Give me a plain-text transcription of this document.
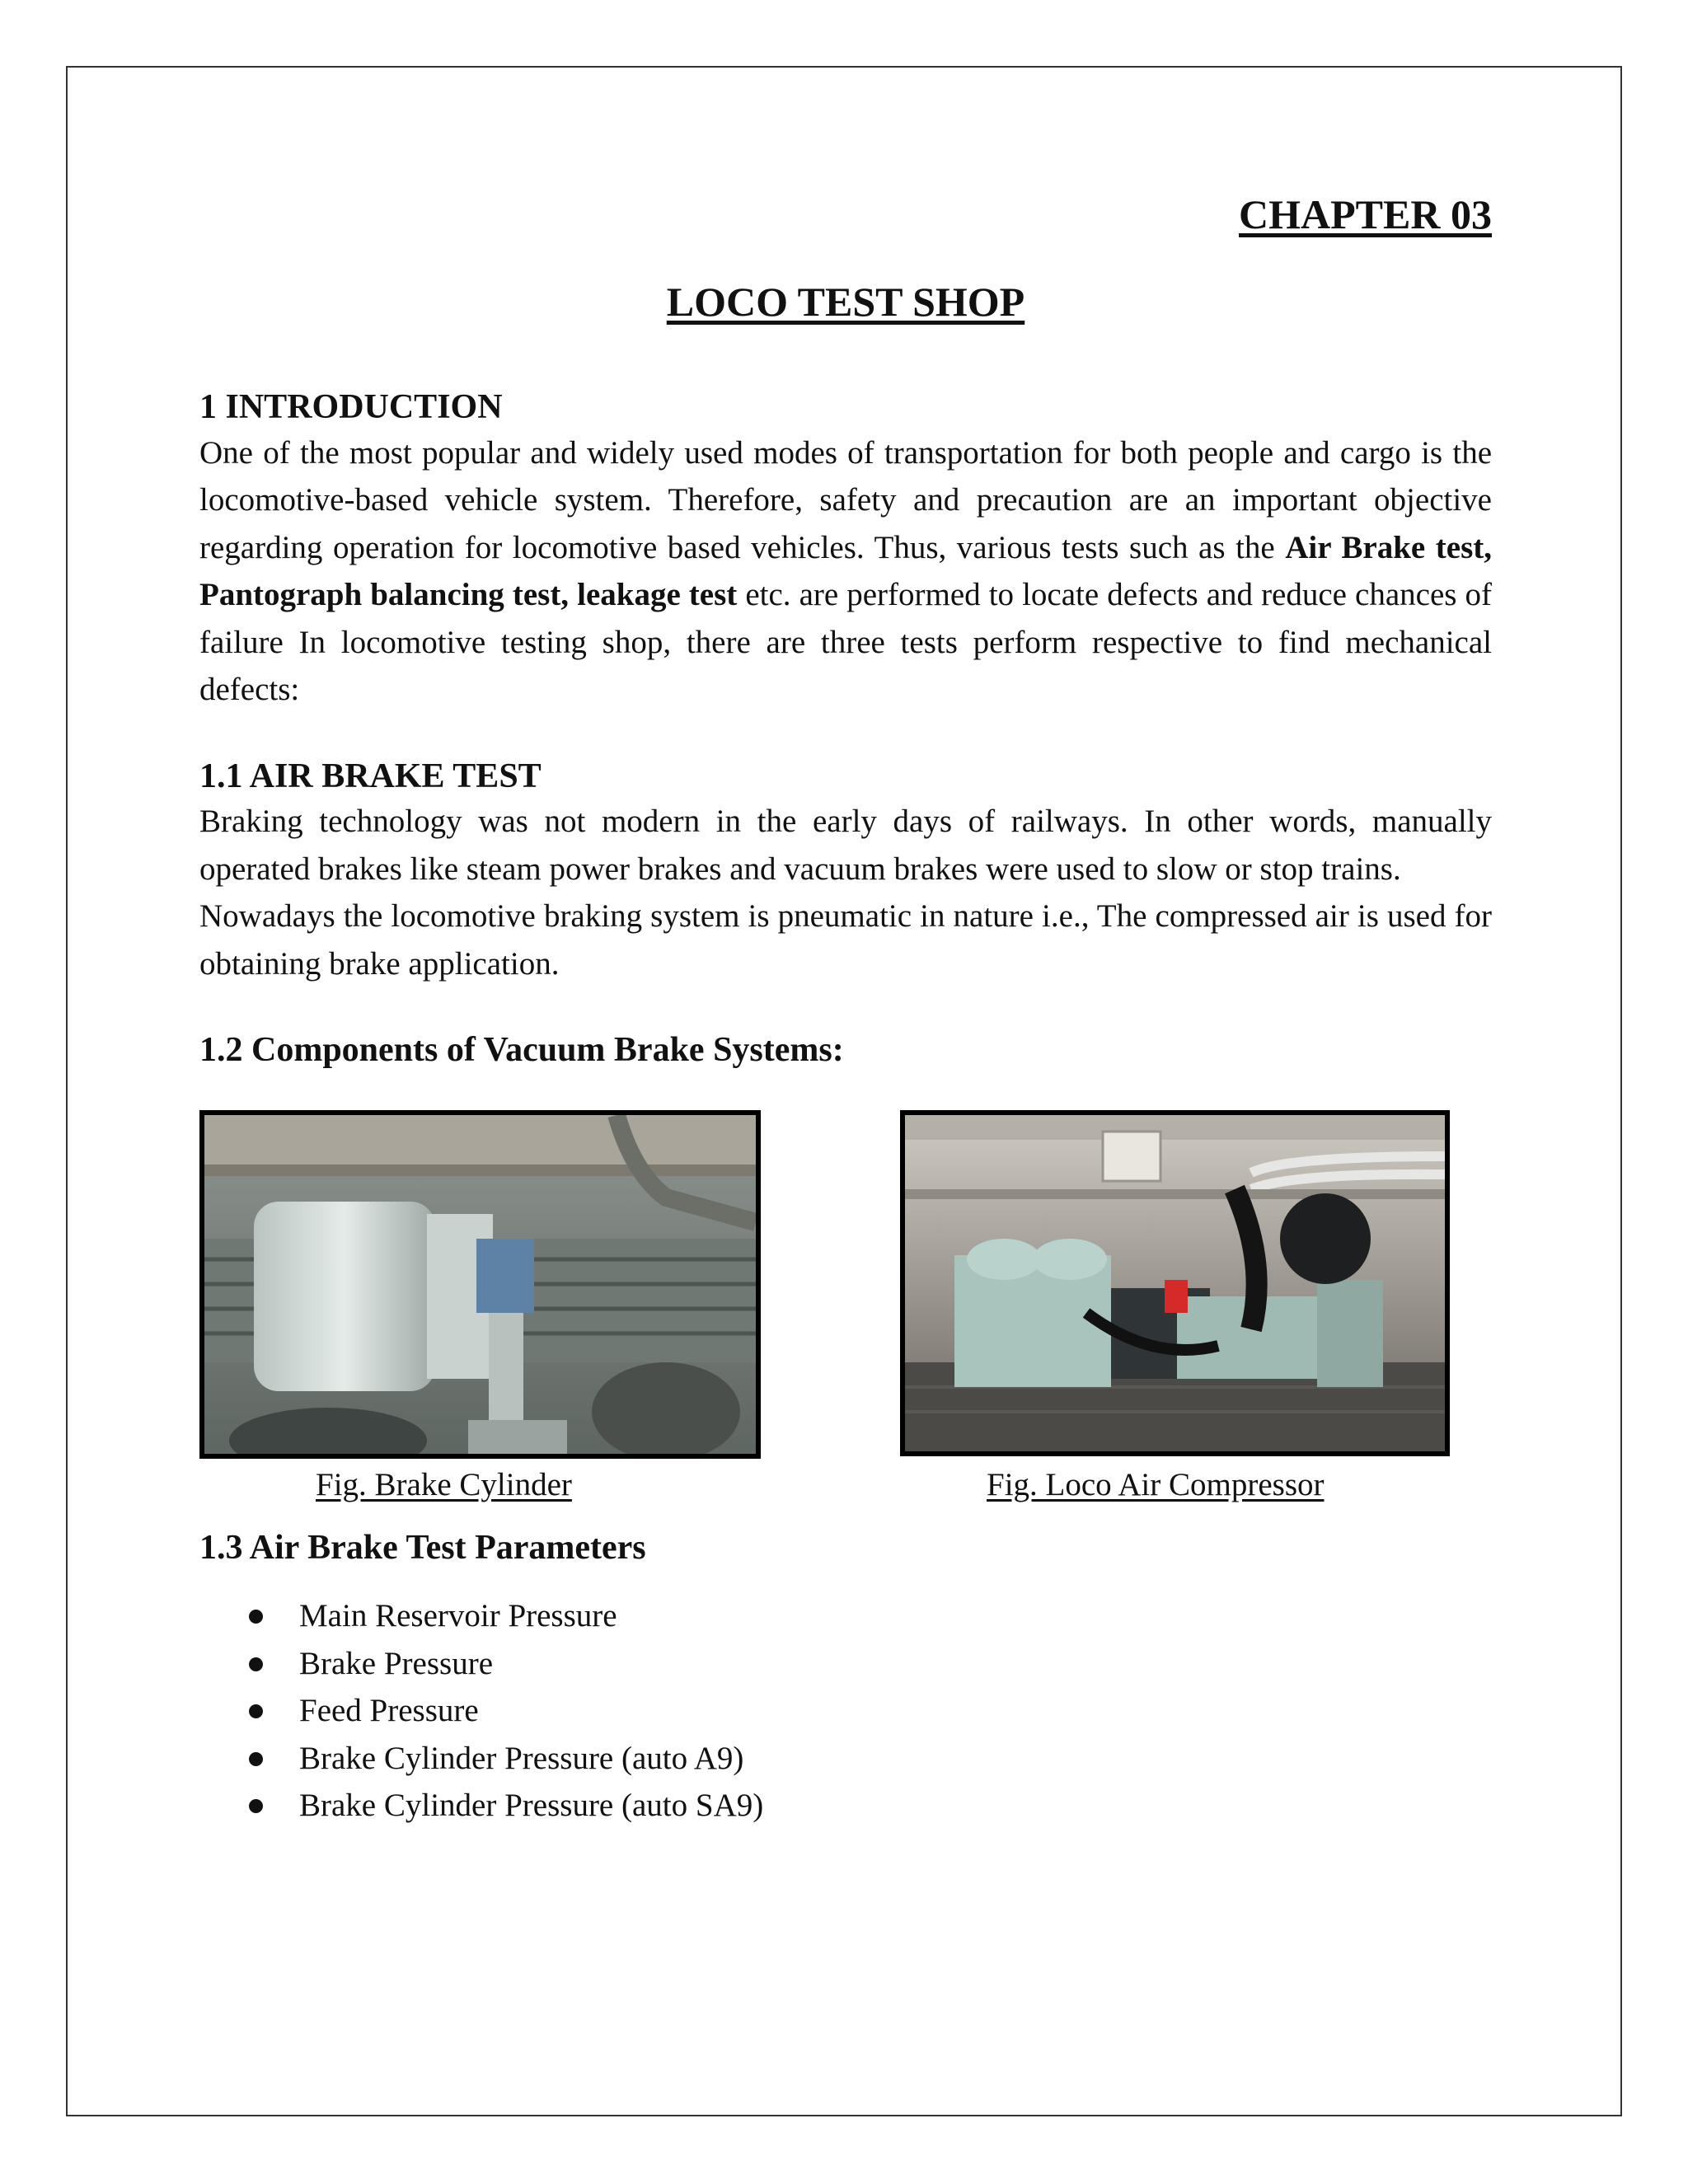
CHAPTER 03
LOCO TEST SHOP
1 INTRODUCTION

One of the most popular and widely used modes of transportation for both people and cargo is the locomotive-based vehicle system. Therefore, safety and precaution are an important objective regarding operation for locomotive based vehicles. Thus, various tests such as the Air Brake test, Pantograph balancing test, leakage test etc. are performed to locate defects and reduce chances of failure In locomotive testing shop, there are three tests perform respective to find mechanical defects:

1.1 AIR BRAKE TEST

Braking technology was not modern in the early days of railways. In other words, manually operated brakes like steam power brakes and vacuum brakes were used to slow or stop trains.

Nowadays the locomotive braking system is pneumatic in nature i.e., The compressed air is used for obtaining brake application.

1.2 Components of Vacuum Brake Systems:
Fig. Brake Cylinder	Fig. Loco Air Compressor
1.3 Air Brake Test Parameters
Main Reservoir Pressure
Brake Pressure
Feed Pressure
Brake Cylinder Pressure (auto A9)
Brake Cylinder Pressure (auto SA9)
